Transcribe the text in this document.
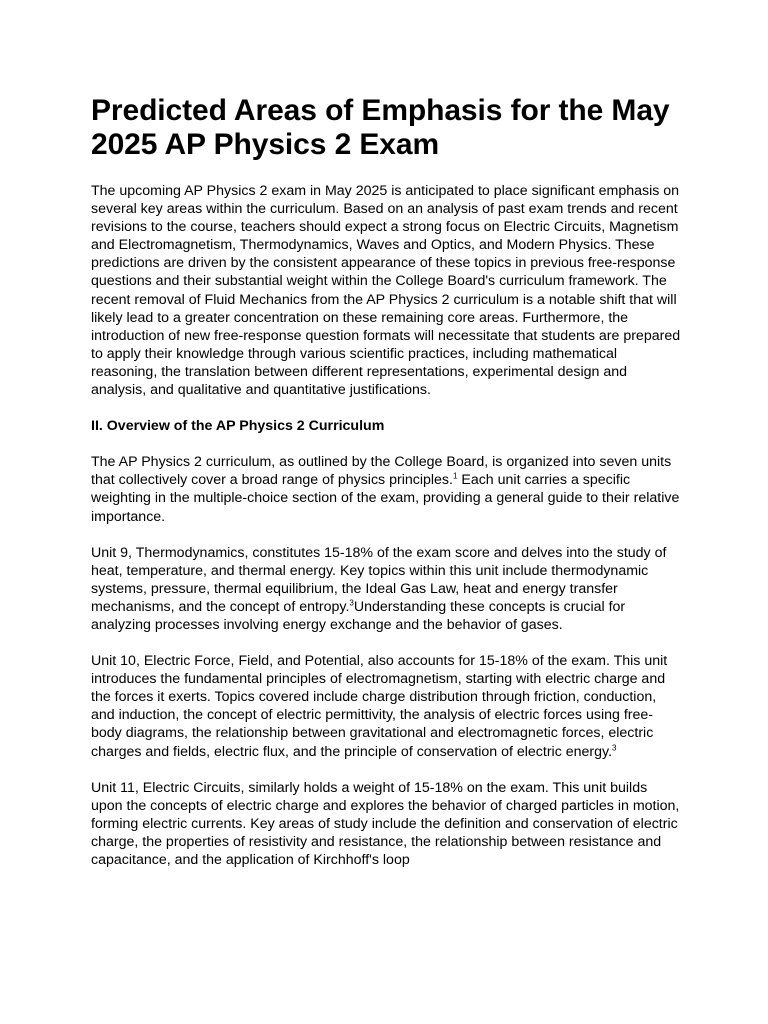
Predicted Areas of Emphasis for the May 2025 AP Physics 2 Exam

The upcoming AP Physics 2 exam in May 2025 is anticipated to place significant emphasis on several key areas within the curriculum. Based on an analysis of past exam trends and recent revisions to the course, teachers should expect a strong focus on Electric Circuits, Magnetism and Electromagnetism, Thermodynamics, Waves and Optics, and Modern Physics. These predictions are driven by the consistent appearance of these topics in previous free-response questions and their substantial weight within the College Board's curriculum framework. The recent removal of Fluid Mechanics from the AP Physics 2 curriculum is a notable shift that will likely lead to a greater concentration on these remaining core areas. Furthermore, the introduction of new free-response question formats will necessitate that students are prepared to apply their knowledge through various scientific practices, including mathematical reasoning, the translation between different representations, experimental design and analysis, and qualitative and quantitative justifications.

II. Overview of the AP Physics 2 Curriculum

The AP Physics 2 curriculum, as outlined by the College Board, is organized into seven units that collectively cover a broad range of physics principles.$^1$ Each unit carries a specific weighting in the multiple-choice section of the exam, providing a general guide to their relative importance.

Unit 9, Thermodynamics, constitutes 15-18% of the exam score and delves into the study of heat, temperature, and thermal energy. Key topics within this unit include thermodynamic systems, pressure, thermal equilibrium, the Ideal Gas Law, heat and energy transfer mechanisms, and the concept of entropy.$^3$Understanding these concepts is crucial for analyzing processes involving energy exchange and the behavior of gases.

Unit 10, Electric Force, Field, and Potential, also accounts for 15-18% of the exam. This unit introduces the fundamental principles of electromagnetism, starting with electric charge and the forces it exerts. Topics covered include charge distribution through friction, conduction, and induction, the concept of electric permittivity, the analysis of electric forces using free-body diagrams, the relationship between gravitational and electromagnetic forces, electric charges and fields, electric flux, and the principle of conservation of electric energy.$^3$

Unit 11, Electric Circuits, similarly holds a weight of 15-18% on the exam. This unit builds upon the concepts of electric charge and explores the behavior of charged particles in motion, forming electric currents. Key areas of study include the definition and conservation of electric charge, the properties of resistivity and resistance, the relationship between resistance and capacitance, and the application of Kirchhoff's loop
